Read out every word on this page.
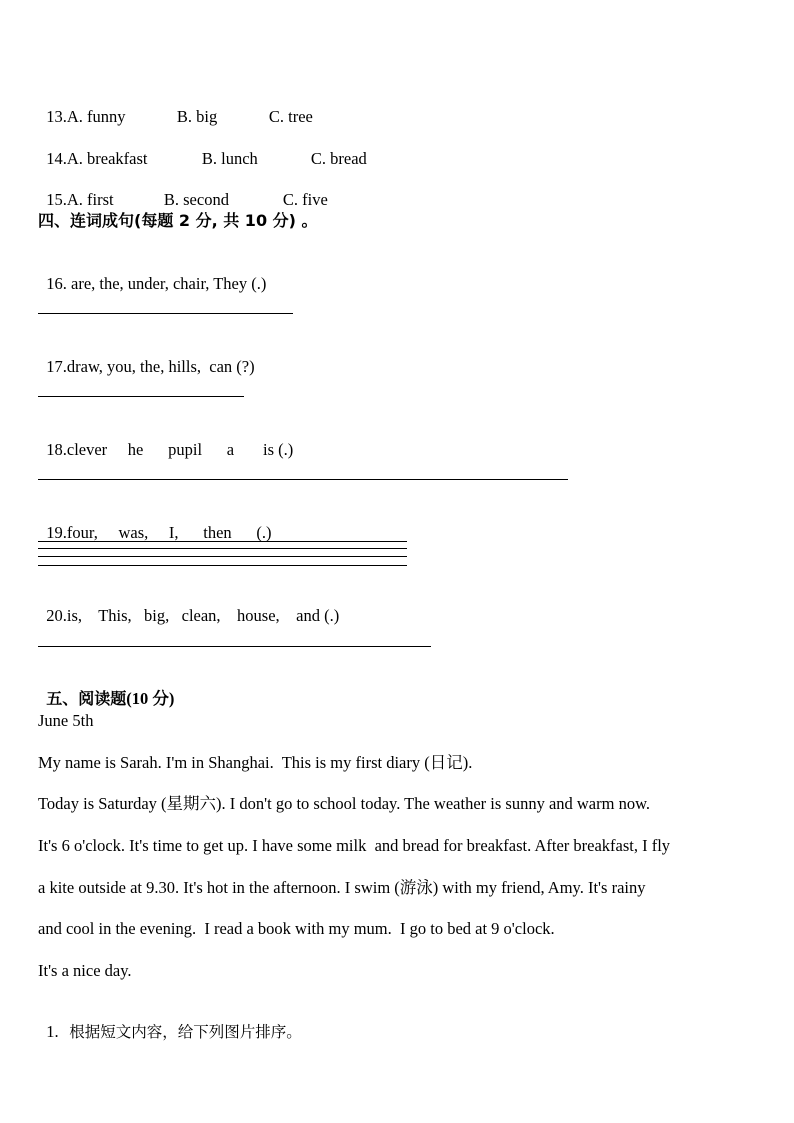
13.A. funny	B. big	C. tree

14.A. breakfast	B. lunch	C. bread

15.A. first	B. second	C. five

四、连词成句(每题 2 分, 共 10 分) 。

16. are, the, under, chair, They (.)

17.draw, you, the, hills,  can (?)

18.clever     he      pupil      a       is (.)

19.four,     was,     I,      then      (.)

20.is,    This,   big,   clean,    house,    and (.)

五、阅读题(10 分)

June 5th
My name is Sarah. I'm in Shanghai.  This is my first diary (日记).
Today is Saturday (星期六). I don't go to school today. The weather is sunny and warm now.
It's 6 o'clock. It's time to get up. I have some milk  and bread for breakfast. After breakfast, I fly
a kite outside at 9.30. It's hot in the afternoon. I swim (游泳) with my friend, Amy. It's rainy
and cool in the evening.  I read a book with my mum.  I go to bed at 9 o'clock.
It's a nice day.

1. 根据短文内容，给下列图片排序。
